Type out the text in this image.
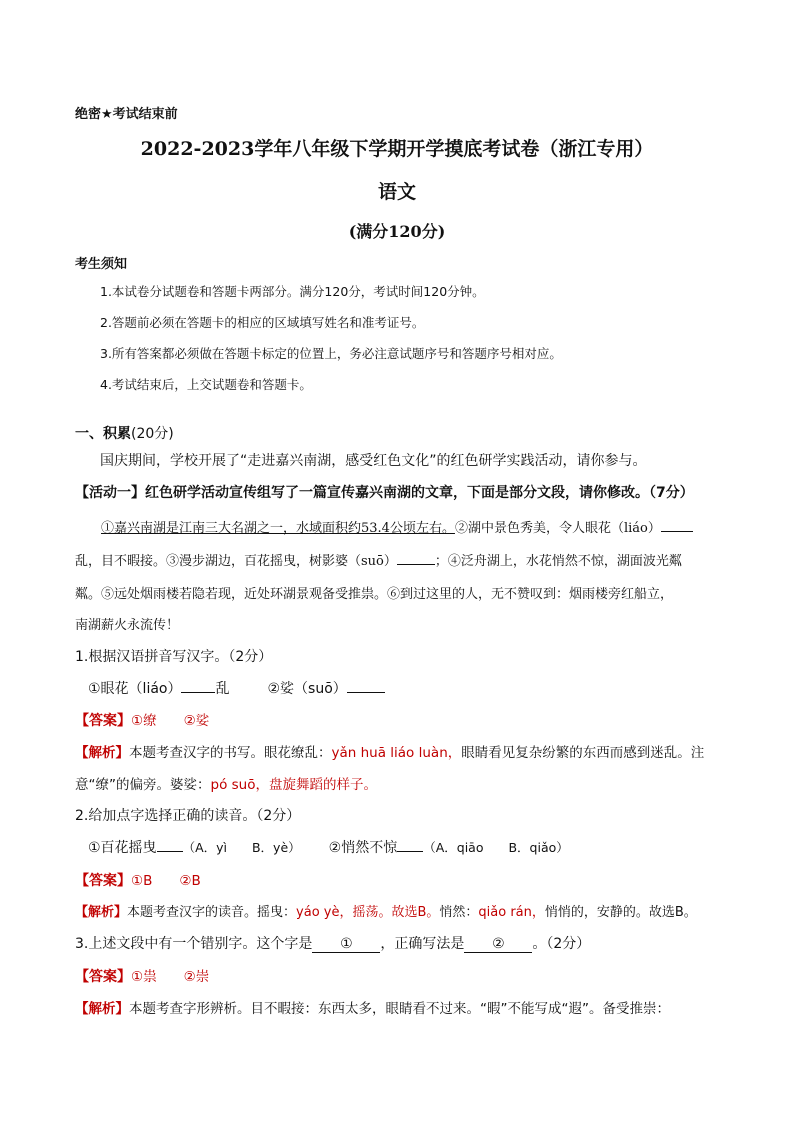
绝密★考试结束前
2022-2023学年八年级下学期开学摸底考试卷（浙江专用）
语文
(满分120分)
考生须知
1.本试卷分试题卷和答题卡两部分。满分120分，考试时间120分钟。
2.答题前必须在答题卡的相应的区域填写姓名和准考证号。
3.所有答案都必须做在答题卡标定的位置上，务必注意试题序号和答题序号相对应。
4.考试结束后，上交试题卷和答题卡。
一、积累(20分)
国庆期间，学校开展了“走进嘉兴南湖，感受红色文化”的红色研学实践活动，请你参与。
【活动一】红色研学活动宣传组写了一篇宣传嘉兴南湖的文章，下面是部分文段，请你修改。（7分）
①嘉兴南湖是江南三大名湖之一，水域面积约53.4公顷左右。②湖中景色秀美，令人眼花（liáo）
乱，目不暇接。③漫步湖边，百花摇曳，树影婆（suō）	；④泛舟湖上，水花悄然不惊，湖面波光粼
粼。⑤远处烟雨楼若隐若现，近处环湖景观备受推祟。⑥到过这里的人，无不赞叹到：烟雨楼旁红船立，
南湖薪火永流传！
1.根据汉语拼音写汉字。（2分）
①眼花（liáo） 乱	②娑（suō）
【答案】①缭　　②娑
【解析】本题考查汉字的书写。眼花缭乱：yǎn huā liáo luàn，眼睛看见复杂纷繁的东西而感到迷乱。注
意“缭”的偏旁。婆娑：pó suō，盘旋舞蹈的样子。
2.给加点字选择正确的读音。（2分）
①百花摇曳 （A．yì　　B．yè） ②悄然不惊 （A．qiāo　　B．qiǎo）
【答案】①B　　②B
【解析】本题考查汉字的读音。摇曳：yáo yè，摇荡。故选B。悄然：qiǎo rán，悄悄的，安静的。故选B。
3.上述文段中有一个错别字。这个字是 ① ，正确写法是 ② 。（2分）
【答案】①祟　　②崇
【解析】本题考查字形辨析。目不暇接：东西太多，眼睛看不过来。“暇”不能写成“遐”。备受推崇：
